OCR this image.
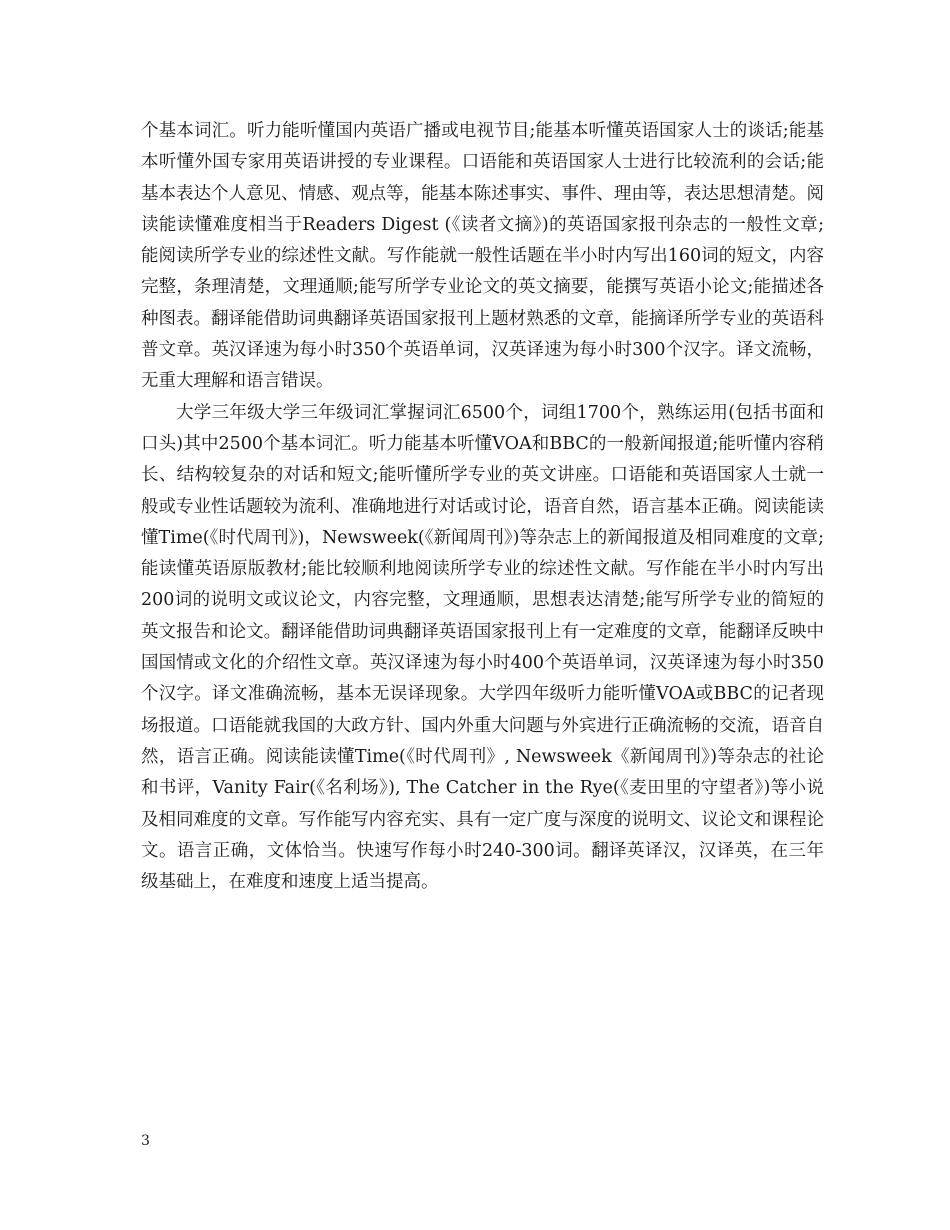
个基本词汇。听力能听懂国内英语广播或电视节目;能基本听懂英语国家人士的谈话;能基本听懂外国专家用英语讲授的专业课程。口语能和英语国家人士进行比较流利的会话;能基本表达个人意见、情感、观点等，能基本陈述事实、事件、理由等，表达思想清楚。阅读能读懂难度相当于Readers Digest (《读者文摘》)的英语国家报刊杂志的一般性文章;能阅读所学专业的综述性文献。写作能就一般性话题在半小时内写出160词的短文，内容完整，条理清楚，文理通顺;能写所学专业论文的英文摘要，能撰写英语小论文;能描述各种图表。翻译能借助词典翻译英语国家报刊上题材熟悉的文章，能摘译所学专业的英语科普文章。英汉译速为每小时350个英语单词，汉英译速为每小时300个汉字。译文流畅，无重大理解和语言错误。

大学三年级大学三年级词汇掌握词汇6500个，词组1700个，熟练运用(包括书面和口头)其中2500个基本词汇。听力能基本听懂VOA和BBC的一般新闻报道;能听懂内容稍长、结构较复杂的对话和短文;能听懂所学专业的英文讲座。口语能和英语国家人士就一般或专业性话题较为流利、准确地进行对话或讨论，语音自然，语言基本正确。阅读能读懂Time(《时代周刊》)，Newsweek(《新闻周刊》)等杂志上的新闻报道及相同难度的文章;能读懂英语原版教材;能比较顺利地阅读所学专业的综述性文献。写作能在半小时内写出200词的说明文或议论文，内容完整，文理通顺，思想表达清楚;能写所学专业的简短的英文报告和论文。翻译能借助词典翻译英语国家报刊上有一定难度的文章，能翻译反映中国国情或文化的介绍性文章。英汉译速为每小时400个英语单词，汉英译速为每小时350个汉字。译文准确流畅，基本无误译现象。大学四年级听力能听懂VOA或BBC的记者现场报道。口语能就我国的大政方针、国内外重大问题与外宾进行正确流畅的交流，语音自然，语言正确。阅读能读懂Time(《时代周刊》, Newsweek《新闻周刊》)等杂志的社论和书评，Vanity Fair(《名利场》), The Catcher in the Rye(《麦田里的守望者》)等小说及相同难度的文章。写作能写内容充实、具有一定广度与深度的说明文、议论文和课程论文。语言正确，文体恰当。快速写作每小时240-300词。翻译英译汉，汉译英，在三年级基础上，在难度和速度上适当提高。

3
